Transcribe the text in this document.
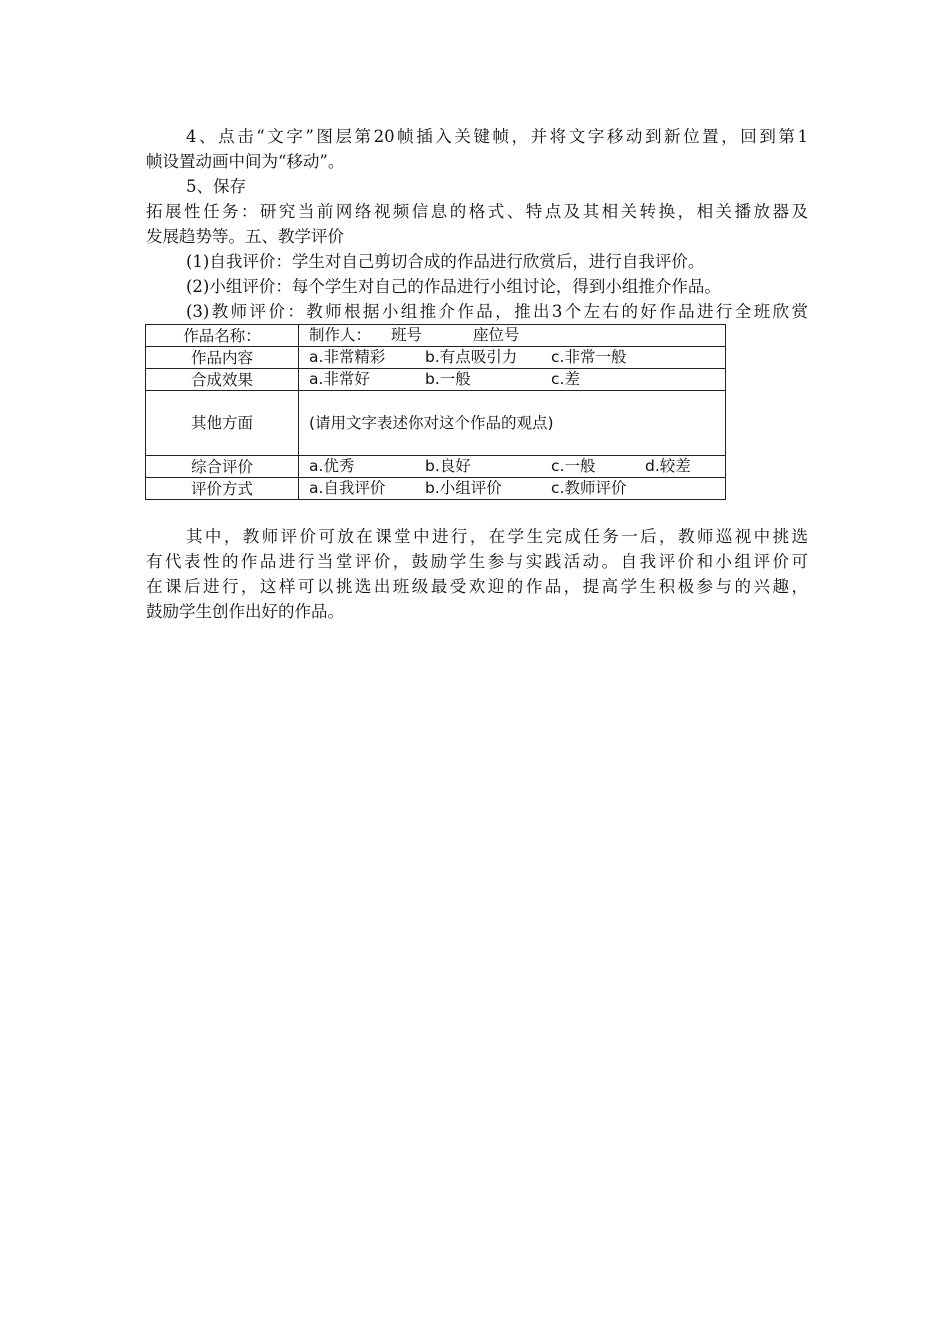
4、点击“文字”图层第20帧插入关键帧，并将文字移动到新位置，回到第1
帧设置动画中间为“移动”。
5、保存
拓展性任务：研究当前网络视频信息的格式、特点及其相关转换，相关播放器及
发展趋势等。五、教学评价
(1)自我评价：学生对自己剪切合成的作品进行欣赏后，进行自我评价。
(2)小组评价：每个学生对自己的作品进行小组讨论，得到小组推介作品。
(3)教师评价：教师根据小组推介作品，推出3个左右的好作品进行全班欣赏
作品名称：	制作人： 班号 座位号

作品内容	a.非常精彩 b.有点吸引力 c.非常一般

合成效果	a.非常好 b.一般 c.差

其他方面	(请用文字表述你对这个作品的观点)
综合评价	a.优秀 b.良好 c.一般 d.较差

评价方式	a.自我评价 b.小组评价 c.教师评价
其中，教师评价可放在课堂中进行，在学生完成任务一后，教师巡视中挑选
有代表性的作品进行当堂评价，鼓励学生参与实践活动。自我评价和小组评价可
在课后进行，这样可以挑选出班级最受欢迎的作品，提高学生积极参与的兴趣，
鼓励学生创作出好的作品。
